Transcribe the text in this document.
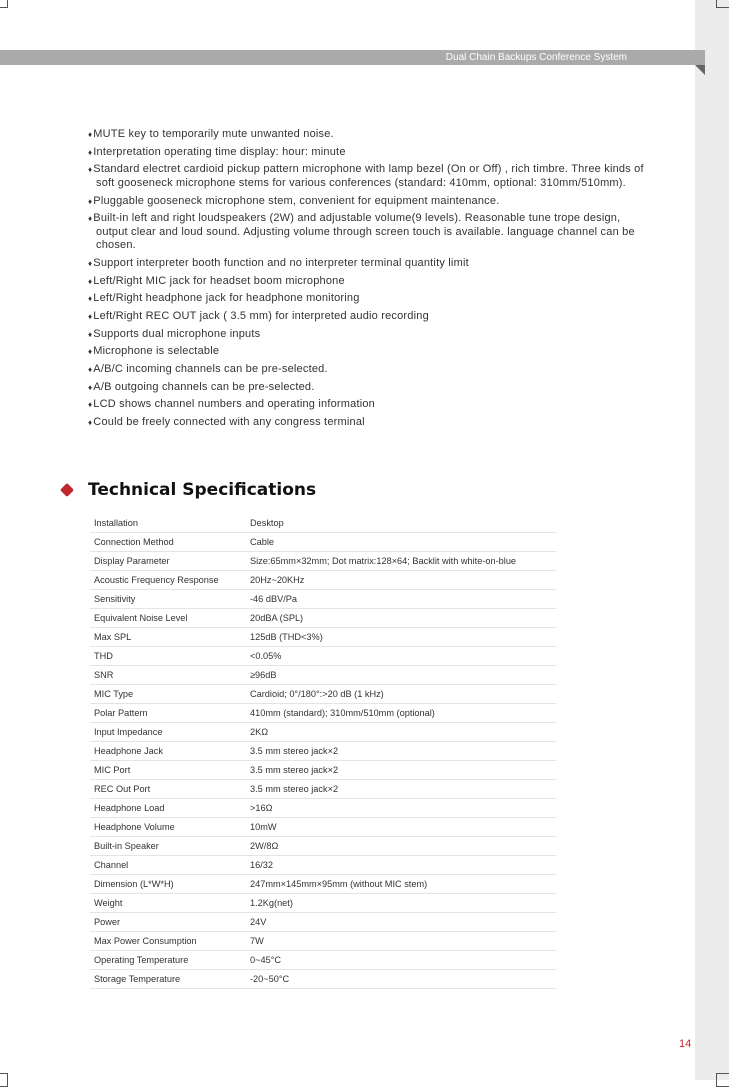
Dual Chain Backups Conference System
♦ MUTE key to temporarily mute unwanted noise.
♦ Interpretation operating time display: hour: minute
♦ Standard electret cardioid pickup pattern microphone with lamp bezel (On or Off) , rich timbre. Three kinds of soft gooseneck microphone stems for various conferences (standard: 410mm, optional: 310mm/510mm).
♦ Pluggable gooseneck microphone stem, convenient for equipment maintenance.
♦ Built-in left and right loudspeakers (2W) and adjustable volume(9 levels). Reasonable tune trope design, output clear and loud sound. Adjusting volume through screen touch is available. language channel can be chosen.
♦ Support interpreter booth function and no interpreter terminal quantity limit
♦ Left/Right MIC jack for headset boom microphone
♦ Left/Right headphone jack for headphone monitoring
♦ Left/Right REC OUT jack ( 3.5 mm) for interpreted audio recording
♦ Supports dual microphone inputs
♦ Microphone is selectable
♦ A/B/C incoming channels can be pre-selected.
♦ A/B outgoing channels can be pre-selected.
♦ LCD shows channel numbers and operating information
♦ Could be freely connected with any congress terminal
Technical Specifications
Installation	Desktop
Connection Method	Cable
Display Parameter	Size:65mm×32mm; Dot matrix:128×64; Backlit with white-on-blue
Acoustic Frequency Response	20Hz~20KHz
Sensitivity	-46 dBV/Pa
Equivalent Noise Level	20dBA (SPL)
Max SPL	125dB (THD<3%)
THD	<0.05%
SNR	≥96dB
MIC Type	Cardioid; 0°/180°:>20 dB (1 kHz)
Polar Pattern	410mm (standard); 310mm/510mm (optional)
Input Impedance	2KΩ
Headphone Jack	3.5 mm stereo jack×2
MIC Port	3.5 mm stereo jack×2
REC Out Port	3.5 mm stereo jack×2
Headphone Load	>16Ω
Headphone Volume	10mW
Built-in Speaker	2W/8Ω
Channel	16/32
Dimension (L*W*H)	247mm×145mm×95mm (without MIC stem)
Weight	1.2Kg(net)
Power	24V
Max Power Consumption	7W
Operating Temperature	0~45°C
Storage Temperature	-20~50°C
14
